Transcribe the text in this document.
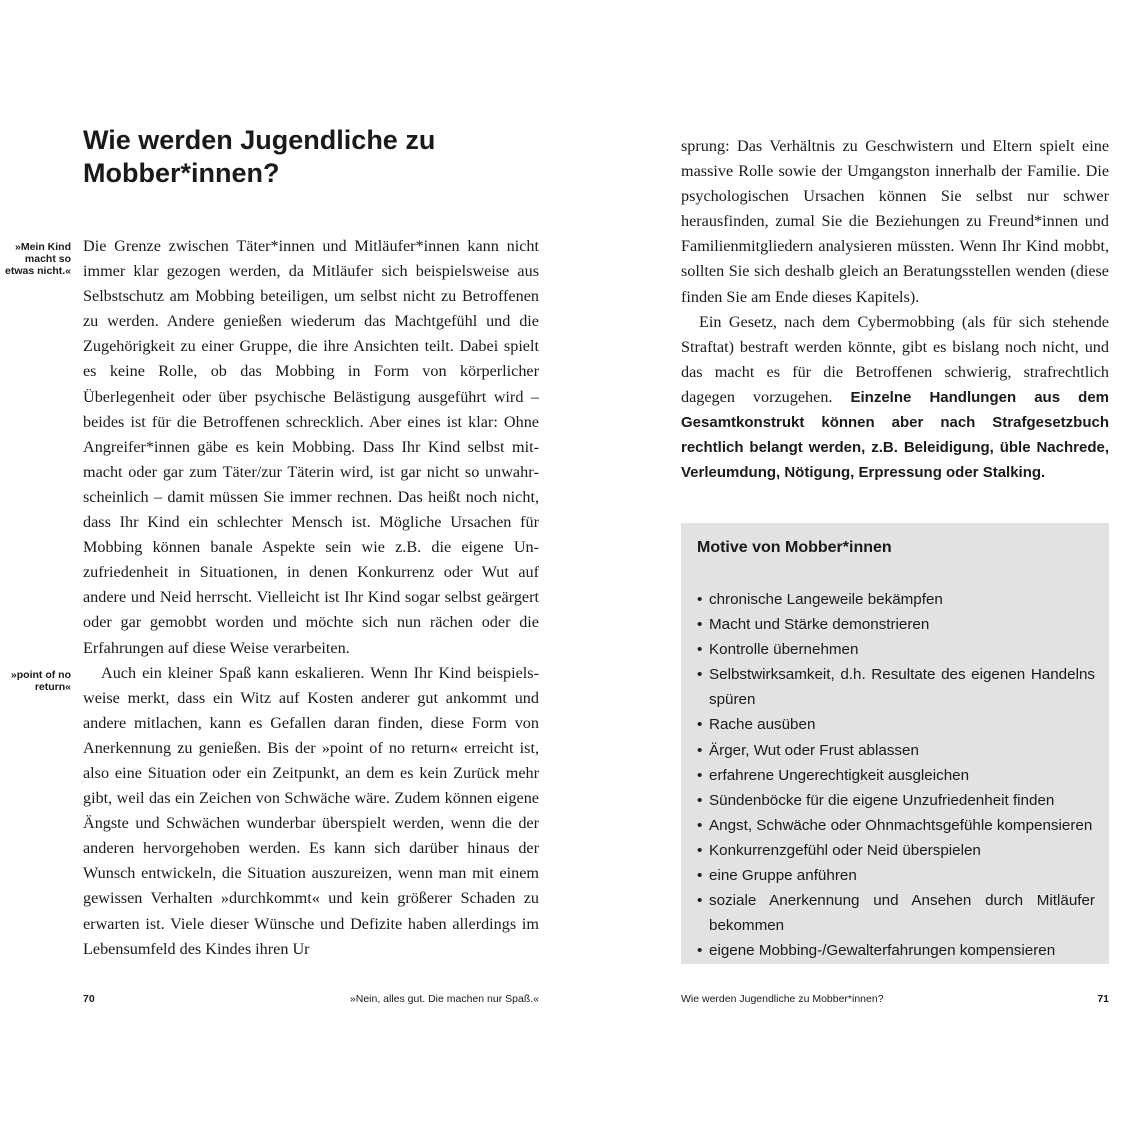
Wie werden Jugendliche zu Mobber*innen?
»Mein Kind macht so etwas nicht.«
»point of no return«

Die Grenze zwischen Täter*innen und Mitläufer*innen kann nicht immer klar gezogen werden, da Mitläufer sich beispielsweise aus Selbstschutz am Mobbing beteiligen, um selbst nicht zu Betroffenen zu werden. Andere genießen wiederum das Machtgefühl und die Zugehörigkeit zu einer Gruppe, die ihre Ansichten teilt. Dabei spielt es keine Rolle, ob das Mobbing in Form von körperlicher Überlegenheit oder über psychische Belästigung ausgeführt wird – beides ist für die Betroffenen schrecklich. Aber eines ist klar: Ohne Angreifer*innen gäbe es kein Mobbing. Dass Ihr Kind selbst mitmacht oder gar zum Täter/zur Täterin wird, ist gar nicht so unwahrscheinlich – damit müssen Sie immer rechnen. Das heißt noch nicht, dass Ihr Kind ein schlechter Mensch ist. Mögliche Ursachen für Mobbing können banale Aspekte sein wie z.B. die eigene Unzufriedenheit in Situationen, in denen Konkurrenz oder Wut auf andere und Neid herrscht. Vielleicht ist Ihr Kind sogar selbst geärgert oder gar gemobbt worden und möchte sich nun rächen oder die Erfahrungen auf diese Weise verarbeiten.

Auch ein kleiner Spaß kann eskalieren. Wenn Ihr Kind beispielsweise merkt, dass ein Witz auf Kosten anderer gut ankommt und andere mitlachen, kann es Gefallen daran finden, diese Form von Anerkennung zu genießen. Bis der »point of no return« erreicht ist, also eine Situation oder ein Zeitpunkt, an dem es kein Zurück mehr gibt, weil das ein Zeichen von Schwäche wäre. Zudem können eigene Ängste und Schwächen wunderbar überspielt werden, wenn die der anderen hervorgehoben werden. Es kann sich darüber hinaus der Wunsch entwickeln, die Situation auszureizen, wenn man mit einem gewissen Verhalten »durchkommt« und kein größerer Schaden zu erwarten ist. Viele dieser Wünsche und Defizite haben allerdings im Lebensumfeld des Kindes ihren Ur

70	»Nein, alles gut. Die machen nur Spaß.«

sprung: Das Verhältnis zu Geschwistern und Eltern spielt eine massive Rolle sowie der Umgangston innerhalb der Familie. Die psychologischen Ursachen können Sie selbst nur schwer herausfinden, zumal Sie die Beziehungen zu Freund*innen und Familienmitgliedern analysieren müssten. Wenn Ihr Kind mobbt, sollten Sie sich deshalb gleich an Beratungsstellen wenden (diese finden Sie am Ende dieses Kapitels).

Ein Gesetz, nach dem Cybermobbing (als für sich stehende Straftat) bestraft werden könnte, gibt es bislang noch nicht, und das macht es für die Betroffenen schwierig, strafrechtlich dagegen vorzugehen. Einzelne Handlungen aus dem Gesamtkonstrukt können aber nach Strafgesetzbuch rechtlich belangt werden, z.B. Beleidigung, üble Nachrede, Verleumdung, Nötigung, Erpressung oder Stalking.

Motive von Mobber*innen
• chronische Langeweile bekämpfen
• Macht und Stärke demonstrieren
• Kontrolle übernehmen
• Selbstwirksamkeit, d.h. Resultate des eigenen Handelns spüren
• Rache ausüben
• Ärger, Wut oder Frust ablassen
• erfahrene Ungerechtigkeit ausgleichen
• Sündenböcke für die eigene Unzufriedenheit finden
• Angst, Schwäche oder Ohnmachtsgefühle kompensieren
• Konkurrenzgefühl oder Neid überspielen
• eine Gruppe anführen
• soziale Anerkennung und Ansehen durch Mitläufer bekommen
• eigene Mobbing-/Gewalterfahrungen kompensieren
Wie werden Jugendliche zu Mobber*innen?	71
